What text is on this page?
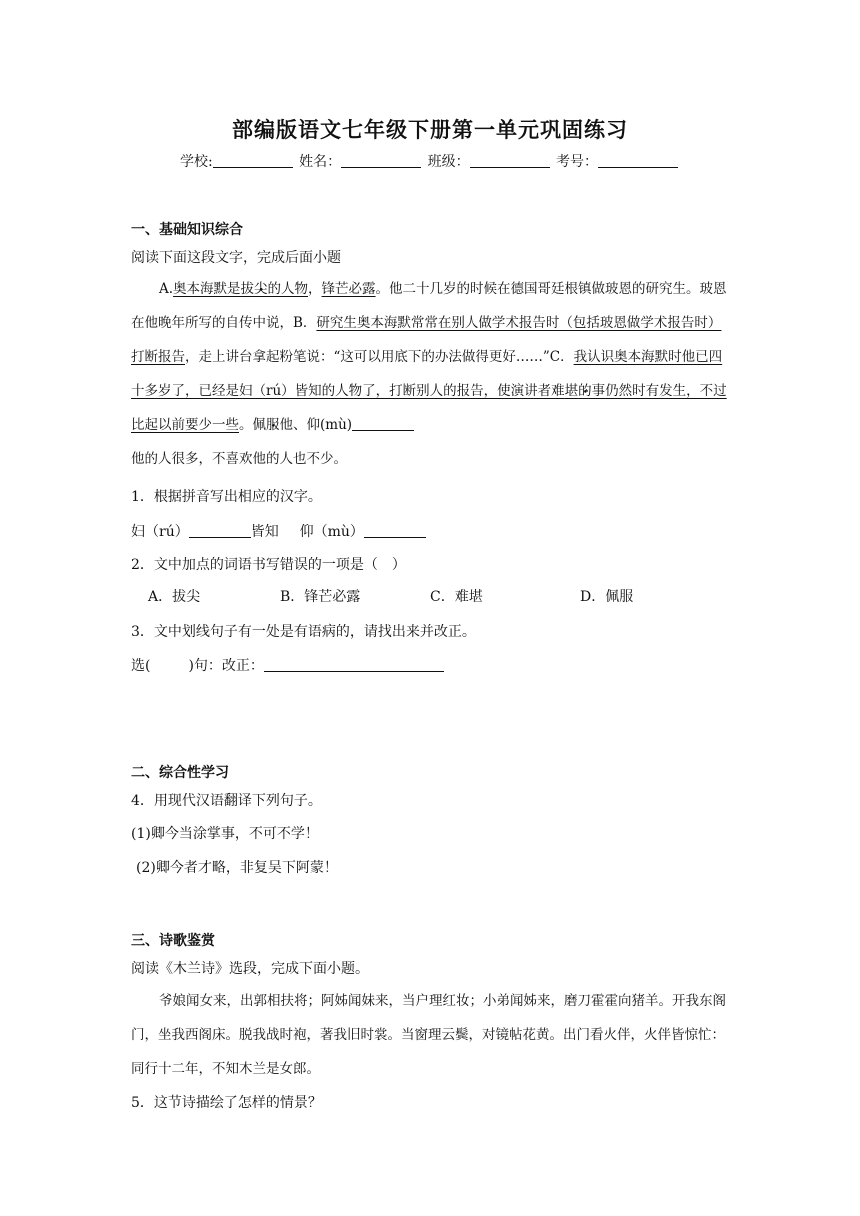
部编版语文七年级下册第一单元巩固练习
学校:	姓名：	班级：	考号：
一、基础知识综合
阅读下面这段文字，完成后面小题
A.奥本海默是拔 •尖的人物，锋芒必露。他二十几岁的时候在德国哥廷根镇做玻恩的研究生。玻恩在他晚年所写的自传中说，B．研究生奥本海默常常在别人做学术报告时（包括玻恩做学术报告时）打断报告，走上讲台拿起粉笔说：“这可以用底下的办法做得更好……”C．我认识奥本海默时他已四十多岁了，已经是妇（rú）皆知的人物了，打断别人的报告，使演讲者难堪 •的事仍然时有发生，不过比起以前要少一些。佩 •服他、仰(mù)
他的人很多，不喜欢他的人也不少。
1．根据拼音写出相应的汉字。
妇（rú）	皆知 仰（mù）
2．文中加点的词语书写错误的一项是（　）
A．拔尖	B．锋芒必露	C．难堪	D．佩服
3．文中划线句子有一处是有语病的，请找出来并改正。
选(	)句：改正：
二、综合性学习
4．用现代汉语翻译下列句子。
(1)卿今当涂掌事，不可不学！
(2)卿今者才略，非复吴下阿蒙！
三、诗歌鉴赏
阅读《木兰诗》选段，完成下面小题。
爷娘闻女来，出郭相扶将；阿姊闻妹来，当户理红妆；小弟闻姊来，磨刀霍霍向猪羊。开我东阁门，坐我西阁床。脱我战时袍，著我旧时裳。当窗理云鬓，对镜帖花黄。出门看火伴，火伴皆惊忙：同行十二年，不知木兰是女郎。
5．这节诗描绘了怎样的情景？
